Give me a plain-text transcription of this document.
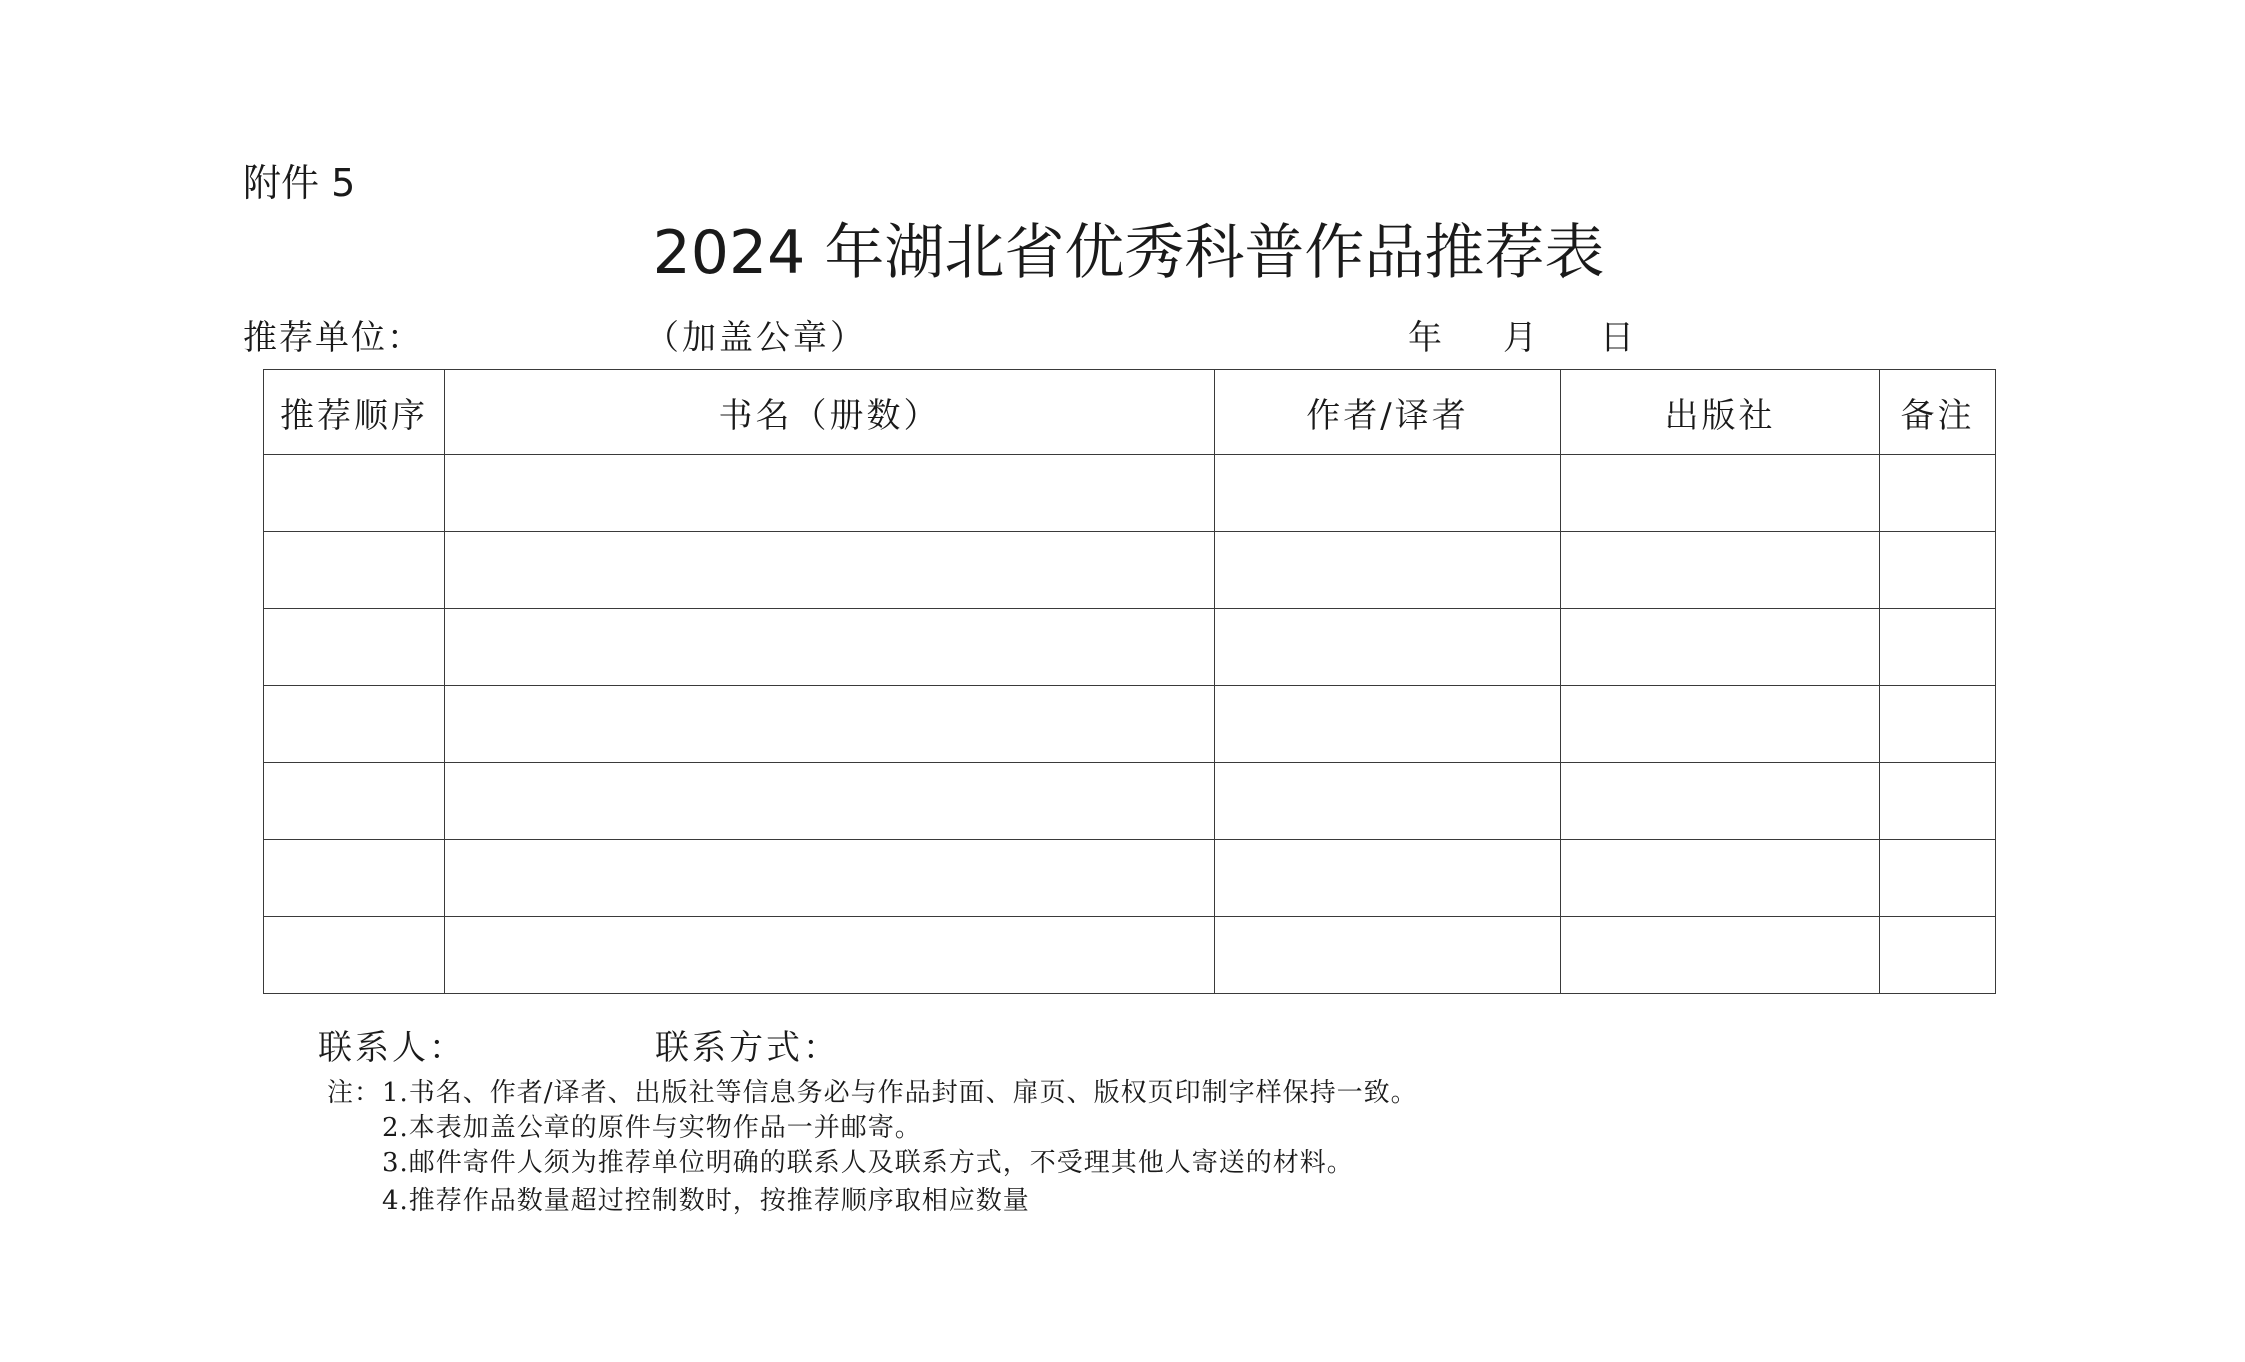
附件 5
2024 年湖北省优秀科普作品推荐表
推荐单位：	（加盖公章）	年 月 日
推荐顺序	书名（册数）	作者/译者	出版社	备注

联系人：	联系方式：
注：1.书名、作者/译者、出版社等信息务必与作品封面、扉页、版权页印制字样保持一致。
2.本表加盖公章的原件与实物作品一并邮寄。
3.邮件寄件人须为推荐单位明确的联系人及联系方式，不受理其他人寄送的材料。
4.推荐作品数量超过控制数时，按推荐顺序取相应数量
